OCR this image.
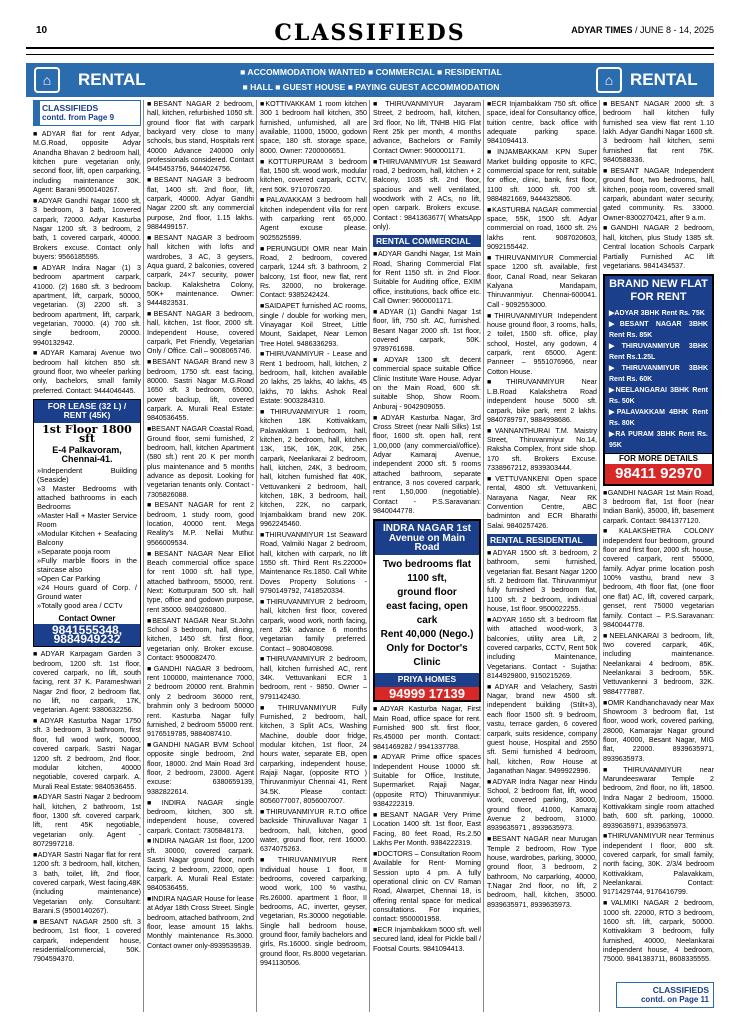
10	CLASSIFIEDS	ADYAR TIMES / JUNE 8 - 14, 2025
⌂	RENTAL	■ ACCOMMODATION WANTED ■ COMMERCIAL ■ RESIDENTIAL
■ HALL ■ GUEST HOUSE ■ PAYING GUEST ACCOMMODATION	⌂ RENTAL
CLASSIFIEDS
contd. from Page 9

■ ADYAR flat for rent Adyar, M.G.Road, opposite Adyar Anandha Bhavan 2 bedroom hall, kitchen pure vegetarian only, second floor, lift, open carparking, including maintenance 30K. Agent: Barani 9500140267.

■ ADYAR Gandhi Nagar 1600 sft, 3 bedroom, 3 bath, 1covered carpark, 72000. Adyar Kasturba Nagar 1200 sft. 3 bedroom, 2 bath, 1 covered carpark, 40000. Brokers excuse. Contact only buyers: 9566185595.

■ ADYAR Indira Nagar (1) 3 bedroom apartment carpark, 41000. (2) 1680 sft. 3 bedroom apartment, lift, carpark, 50000, vegetarian. (3) 2200 sft. 3 bedroom apartment, lift, carpark, vegetarian, 70000. (4) 700 sft. single bedroom, 20000. 9940132942.

■ ADYAR Kamaraj Avenue two bedroom hall kitchen 850 sft. ground floor, two wheeler parking only, bachelors, small family preferred. Contact: 9444046445.

FOR LEASE (32 L) / RENT (45K)
1st Floor 1800 sft
E-4 Palkavoram, Chennai-41.
» Independent Building (Seaside)
» 3 Master Bedrooms with attached bathrooms in each Bedrooms
» Master Hall + Master Service Room
» Modular Kitchen + Seafacing Balcony
» Separate pooja room
» Fully marble floors in the staircase also
» Open Car Parking
» 24 Hours guard of Corp. / Ground water
» Totally good area / CCTv
Contact Owner
9841555348, 9884949232

■ ADYAR Karpagam Garden 3 bedroom, 1200 sft. 1st floor, covered carpark, no lift, south facing, rent 37 K. Parameshwari Nagar 2nd floor, 2 bedroom flat, no lift, no carpark, 17K, vegetarian. Agent: 9380632256.

■ ADYAR Kasturba Nagar 1750 sft. 3 bedroom, 3 bathroom, first floor, full wood work, 50000, covered carpark. Sastri Nagar 1200 sft. 2 bedroom, 2nd floor, modular kitchen, 40000 negotiable, covered carpark. A. Murali Real Estate: 9840536455.

■ ADYAR Sastri Nagar 2 bedroom hall, kitchen, 2 bathroom, 1st floor, 1300 sft. covered carpark, lift, rent 45K negotiable, vegetarian only. Agent - 8072997218.

■ ADYAR Sastri Nagar flat for rent 1200 sft. 3 bedroom, hall, kitchen, 3 bath, toilet, lift, 2nd floor, covered carpark, West facing,48K (including maintenance) Vegetarian only. Consultant: Barani.S (9500140267).

■ BESANT NAGAR 2500 sft. 3 bedroom, 1st floor, 1 covered carpark, independent house, residential/commercial, 50K. 7904594370.

■ BESANT NAGAR 2 bedroom, hall, kitchen, refurbished 1050 sft. ground floor flat with carpark backyard very close to many schools, bus stand, Hospitals rent 40000 Advance 240000 only professionals considered. Contact 9445453756, 9444024756.

■ BESANT NAGAR 3 bedroom flat, 1400 sft. 2nd floor, lift, carpark, 40000. Adyar Gandhi Nagar 2200 sft. any commercial purpose, 2nd floor, 1.15 lakhs. 9884499157.

■ BESANT NAGAR 3 bedroom hall kitchen with lofts and wardrobes, 3 AC, 3 geysers, Aqua guard, 2 balconies, covered carpark, 24×7 security, power backup. Kalakshetra Colony, 50K+ maintenance. Owner: 9444823531.

■ BESANT NAGAR 3 bedroom, hall, kitchen, 1st floor, 2000 sft. Independent House, covered carpark, Pet Friendly, Vegetarian Only / Office. Call – 9008065746.

■ BESANT NAGAR Brand new 3 bedroom, 1750 sft. east facing, 80000. Sastri Nagar M.G.Road 1650 sft. 3 bedroom, 65000, power backup, lift, covered carpark. A. Murali Real Estate: 9840536455.

■ BESANT NAGAR Coastal Road, Ground floor, semi furnished, 2 bedroom, hall, kitchen Apartment (580 sft.) rent 20 K per month plus maintenance and 5 months advance as deposit. Looking for vegetarian tenants only. Contact - 7305826088.

■ BESANT NAGAR for rent 2 bedroom, 1 study room, good location, 40000 rent. Mega Reality's M.P. Nellai Muthu: 9566009534.

■ BESANT NAGAR Near Elliot Beach commercial office space for rent 1000 sft. hall type, attached bathroom, 55000, rent. Next: Kotturpuram 500 sft. hall type, office and godown purpose, rent 35000. 9840260800.

■ BESANT NAGAR Near St.John School 3 bedroom, hall, dining, kitchen, 1450 sft. first floor, vegetarian only. Broker excuse. Contact: 9500082470.

■ GANDHI NAGAR 3 bedroom, rent 100000, maintenance 7000, 2 bedroom 20000 rent. Brahmin only 2 bedroom 36000 rent, brahmin only 3 bedroom 50000 rent. Kasturba Nagar fully furnished, 2 bedroom 55000 rent. 9176519785, 9884087410.

■ GANDHI NAGAR BVM School opposite single bedroom, 2nd floor, 18000. 2nd Main Road 3rd floor, 2 bedroom, 23000. Agent excuse: 6380659139, 9382822614.

■ INDIRA NAGAR single bedroom, kitchen, 300 sft. independent house, covered carpark. Contact: 7305848173.

■ INDIRA NAGAR 1st floor, 1200 sft. 30000, covered carpark. Sastri Nagar ground floor, north facing, 2 bedroom, 22000, open carpark. A. Murali Real Estate: 9840536455.

■ INDIRA NAGAR House for lease at Adyar 18th Cross Street. Single bedroom, attached bathroom, 2nd floor, lease amount 15 lakhs. Monthly maintenance Rs.3000. Contact owner only-8939539539.

■ KOTTIVAKKAM 1 room kitchen 300 1 bedroom hall kitchen, 350 furnished, unfurnished, all are available, 11000, 15000, godown space, 180 sft. storage space, 8000. Owner: 7200006651.

■ KOTTURPURAM 3 bedroom flat, 1500 sft. wood work, modular kitchen, covered carpark, CCTV, rent 50K. 9710706720.

■ PALAVAKKAM 3 bedroom hall kitchen independent villa for rent with carparking rent 65,000. Agent excuse please. 9025525599.

■ PERUNGUDI OMR near Main Road, 2 bedroom, covered carpark, 1244 sft. 3 bathroom, 2 balcony, 1st floor, new flat, rent Rs. 32000, no brokerage. Contact: 9385242424.

■ SAIDAPET furnished AC rooms, single / double for working men, Vinayagar Koil Street, Little Mount, Saidapet, Near Lemon Tree Hotel. 9486336293.

■ THIRUVANMIYUR - Lease and Rent 1 bedroom, hall, kitchen, 2 bedroom, hall, kitchen available 20 lakhs, 25 lakhs, 40 lakhs, 45 lakhs, 70 lakhs. Ashok Real Estate: 9003284310.

■ THIRUVANMIYUR 1 room, kitchen 18K Kottivakkam, Palavakkam 1 bedroom, hall, kitchen, 2 bedroom, hall, kitchen 13K, 15K, 16K, 20K, 25K, carpark, Neelankarai 2 bedroom, hall, kitchen, 24K, 3 bedroom, hall, kitchen furnished flat 40K, Vettuvankeni 2 bedroom, hall, kitchen, 18K, 3 bedroom, hall, kitchen, 22K, no carpark, Injambakkam brand new 20K. 9962245460.

■ THIRUVANMIYUR 1st Seaward Road, Valmiki Nagar 2 bedroom, hall, kitchen with carpark, no lift 1550 sft. Third Rent Rs.22000+ Maintenance Rs.1850. Call White Doves Property Solutions - 9790149792, 7418520334.

■ THIRUVANMIYUR 2 bedroom, hall, kitchen first floor, covered carpark, wood work, north facing, rent 25k advance 6 months vegetarian family preferred. Contact – 9080408098.

■ THIRUVANMIYUR 2 bedroom, hall, kitchen furnished AC, rent 34K. Vettuvankani ECR 1 bedroom, rent - 9850. Owner – 9791142430.

■ THIRUVANMIYUR Fully Furnished, 2 bedroom, hall, kitchen, 3 Split ACs, Washing Machine, double door fridge, modular kitchen, 1st floor, 24 hours water, separate EB, open carparking, independent house, Rajaji Nagar, (opposite RTO ) Thiruvanmiyur Chennai 41, Rent 34.5K. Please contact: 8056077007, 8056007007.

■ THIRUVANMIYUR R.T.O office backside Thiruvalluvar Nagar 1 bedroom, hall, kitchen, good water, ground floor, rent 16000. 6374075263.

■ THIRUVANMIYUR Rent Individual house 1 floor, II bedrooms, covered carparking, wood work, 100 % vasthu, Rs.26000. apartment 1 floor, II bedrooms, AC, inverter, geyser, vegetarian, Rs.30000 negotiable. Single hall bedroom house, ground floor, family bachelors and girls, Rs.16000. single bedroom, ground floor, Rs.8000 vegetarian. 9941130506.

■ THIRUVANMIYUR Jayaram Street, 2 bedroom, hall, kitchen, 3rd floor, No lift, TNHB HIG Flat Rent 25k per month, 4 months advance, Bachelors or Family Contact Owner: 9600001171.

■ THIRUVANMIYUR 1st Seaward road, 2 bedroom, hall, kitchen + 2 Balcony, 1035 sft. 2nd floor, spacious and well ventilated, woodwork with 2 ACs, no lift, open carpark. Brokers excuse. Contact : 9841363677( WhatsApp only).

RENTAL COMMERCIAL

■ ADYAR Gandhi Nagar, 1st Main Road, Sharing Commercial Flat for Rent 1150 sft. in 2nd Floor. Suitable for Auditing office, EXIM office, institutions, back office etc. Call Owner: 9600001171.

■ ADYAR (1) Gandhi Nagar 1st floor, lift, 750 sft. AC, furnished. Besant Nagar 2000 sft. 1st floor, covered carpark, 50K. 9789761698.

■ ADYAR 1300 sft. decent commercial space suitable Office Clinic Institute Ware House. Adyar on the Main Road, 600 sft. suitable Shop, Show Room. Anburaj - 9042909055.

■ ADYAR Kasturba Nagar, 3rd Cross Street (near Nalli Silks) 1st floor, 1600 sft. open hall, rent 1,00,000 (any commercial/office). Adyar Kamaraj Avenue, independent 2000 sft. 5 rooms attached bathroom, separate entrance, 3 nos covered carpark, rent 1,50,000 (negotiable). Contact - P.S.Saravanan: 9840044778.

INDRA NAGAR 1st Avenue on Main Road
Two bedrooms flat
1100 sft,
ground floor
east facing, open cark
Rent 40,000 (Nego.)
Only for Doctor's Clinic
PRIYA HOMES
94999 17139

■ ADYAR Kasturba Nagar, First Main Road, office space for rent. Furnished 900 sft. first floor, Rs.45000 per month. Contact: 9841469282 / 9941337788.

■ ADYAR Prime office spaces Independent House 10000 sft. Suitable for Office, Institute, Supermarket. Rajaji Nagar, (opposite RTO) Thiruvanmiyur. 9384222319.

■ BESANT NAGAR Very Prime Location 1400 sft. 1st floor, East Facing, 80 feet Road, Rs.2.50 Lakhs Per Month. 9384222319.

■ DOCTORS – Consultation Room Available for Rent- Morning Session upto 4 pm. A fully operational clinic on CV Raman Road, Alwarpet, Chennai 18, is offering rental space for medical consultations. For inquiries, contact: 9500001958.

■ ECR Injambakkam 5000 sft. well secured land, ideal for Pickle ball / Footsal Courts. 9841094413.

■ ECR Injambakkam 750 sft. office space, ideal for Consultancy office, tuition centre, back office with adequate parking space. 9841094413.

■ INJAMBAKKAM KPN Super Market building opposite to KFC, commercial space for rent, suitable for office, clinic, bank, first floor, 1100 sft. 1000 sft. 700 sft. 9884821669, 9444325806.

■ KASTURBA NAGAR commercial space, 55K, 1500 sft. Adyar commercial on road, 1600 sft. 2½ lakhs rent. 9087020603, 9092155442.

■ THIRUVANMIYUR Commercial space 1200 sft. available, first floor, Canal Road, near Sekaran Kalyana Mandapam, Thiruvanmiyur. Chennai-600041. Call - 9092553000.

■ THIRUVANMIYUR Independent house ground floor, 3 rooms, halls, 2 toilet, 1500 sft. office, play school, Hostel, any godown, 4 carpark, rent 65000. Agent: Panneer – 9551076966, near Cotton House.

■ THIRUVANMIYUR Near L.B.Road Kalakshetra Road independent house 5000 sft. carpark, bike park, rent 2 lakhs. 9840789797, 9884998686.

■ VANNANTHURAI T.M. Maistry Street, Thiruvanmiyur No.14, Raksha Complex, front side shop. 170 sft. Brokers Excuse. 7338967212, 8939303444.

■ VETTUVANKENI Open space rental, 4800 sft. Vettuvankeni, Narayana Nagar, Near RK Convention Centre, ABC badminton and ECR Bharathi Salai. 9840257426.

RENTAL RESIDENTIAL

■ ADYAR 1500 sft. 3 bedroom, 2 bathroom, semi furnished, vegetarian flat. Besant Nagar 1200 sft. 2 bedroom flat. Thiruvanmiyur fully furnished 3 bedroom flat, 1100 sft. 2 bedroom, individual house, 1st floor. 9500022255.

■ ADYAR 1650 sft. 3 bedroom flat with attached wood-work, 3 balconies, utility area Lift, 2 covered carparks, CCTV, Rent 50k including Maintenance, Vegetarians. Contact - Sujatha: 8144929800, 9150215269.

■ ADYAR and Velachery, Sastri Nagar, brand new 4500 sft. independent building (Stilt+3), each floor 1500 sft. 9 bedroom, vastu, terrace garden, 6 covered carpark, suits residence, company guest house, Hospital and 2550 sft. Semi furnished 4 bedroom, hall, kitchen, Row House at Jaganathan Nagar. 9499922996.

■ ADYAR Indra Nagar near Hindu School, 2 bedroom flat, lift, wood work, covered parking, 36000, ground floor, 41000, Kamaraj Avenue 2 bedroom, 31000. 8939635971 , 8939635973.

■ BESANT NAGAR near Murugan Temple 2 bedroom, Row Type house, wardrobes, parking, 30000, ground floor, 3 bedroom, 2 bathroom, No carparking, 40000, T.Nagar 2nd floor, no lift, 2 bedroom, hall, kitchen, 35000. 8939635971, 8939635973.

■ BESANT NAGAR 2000 sft. 3 bedroom hall kitchen fully furnished sea view flat rent 1.10 lakh. Adyar Gandhi Nagar 1600 sft. 3 bedroom hall kitchen, semi furnished flat rent 75K. 9840588336.

■ BESANT NAGAR Independent ground floor, two bedrooms, hall, kitchen, pooja room, covered small carpark, abundant water security, gated community. Rs. 33000. Owner-8300270421, after 9 a.m.

■ GANDHI NAGAR 2 bedroom, hall, kitchen, plus Study 1385 sft. Central location Schools Carpark Partially Furnished AC lift vegetarians. 9841434537.

BRAND NEW FLAT FOR RENT
▶ ADYAR 3BHK Rent Rs. 75K
▶ BESANT NAGAR 3BHK Rent Rs. 85K
▶ THIRUVANMIYUR 3BHK Rent Rs.1.25L
▶ THIRUVANMIYUR 3BHK Rent Rs. 60K
▶ NEELANGARAI 3BHK Rent Rs. 50K
▶ PALAVAKKAM 4BHK Rent Rs. 80K
▶ RA PURAM 3BHK Rent Rs. 95K
FOR MORE DETAILS
98411 92970

■ GANDHI NAGAR 1st Main Road, 3 bedroom flat, 1st floor (near Indian Bank), 35000, lift, basement carpark. Contact: 9841377120.

■ KALAKSHETRA COLONY independent four bedroom, ground floor and first floor, 2000 sft. house, covered carpark, rent 55000, family. Adyar prime location posh 100% vasthu, brand new 3 bedroom, 4th floor flat, (one floor one flat) AC, lift, covered carpark, genset, rent 75000 vegetarian family. Contact – P.S.Saravanan: 9840044778.

■ NEELANKARAI 3 bedroom, lift, two covered carpark, 46K, including maintenance. Neelankarai 4 bedroom, 85K. Neelankarai 3 bedroom, 55K. Vettuvankenni 3 bedroom, 32K. 9884777887.

■ OMR Kandhanchavady near Max Showroom 3 bedroom flat, 1st floor, wood work, covered parking, 28000, Kamarajar Nagar ground floor, 40000, Besant Nagar, MIG flat, 22000. 8939635971, 8939635973.

■ THIRUVANMIYUR near Marundeeswarar Temple 2 bedroom, 2nd floor, no lift, 18500. Indra Nagar 2 bedroom, 15000. Kottivakkam single room attached bath, 600 sft. parking, 10000. 8939635971, 8939635973.

■ THIRUVANMIYUR near Terminus independent I floor, 800 sft. covered carpark, for small family, north facing, 30K. 2/3/4 bedroom Kottivakkam, Palavakkam, Neelankarai. Contact: 9171429744, 9176416799.

■ VALMIKI NAGAR 2 bedroom, 1000 sft. 22000, RTO 3 bedroom, 1600 sft. lift, carpark, 50000. Kottivakkam 3 bedroom, fully furnished, 40000, Neelankarai independent house, 4 bedroom, 75000. 9841383711, 8608335555.

CLASSIFIEDS
contd. on Page 11
